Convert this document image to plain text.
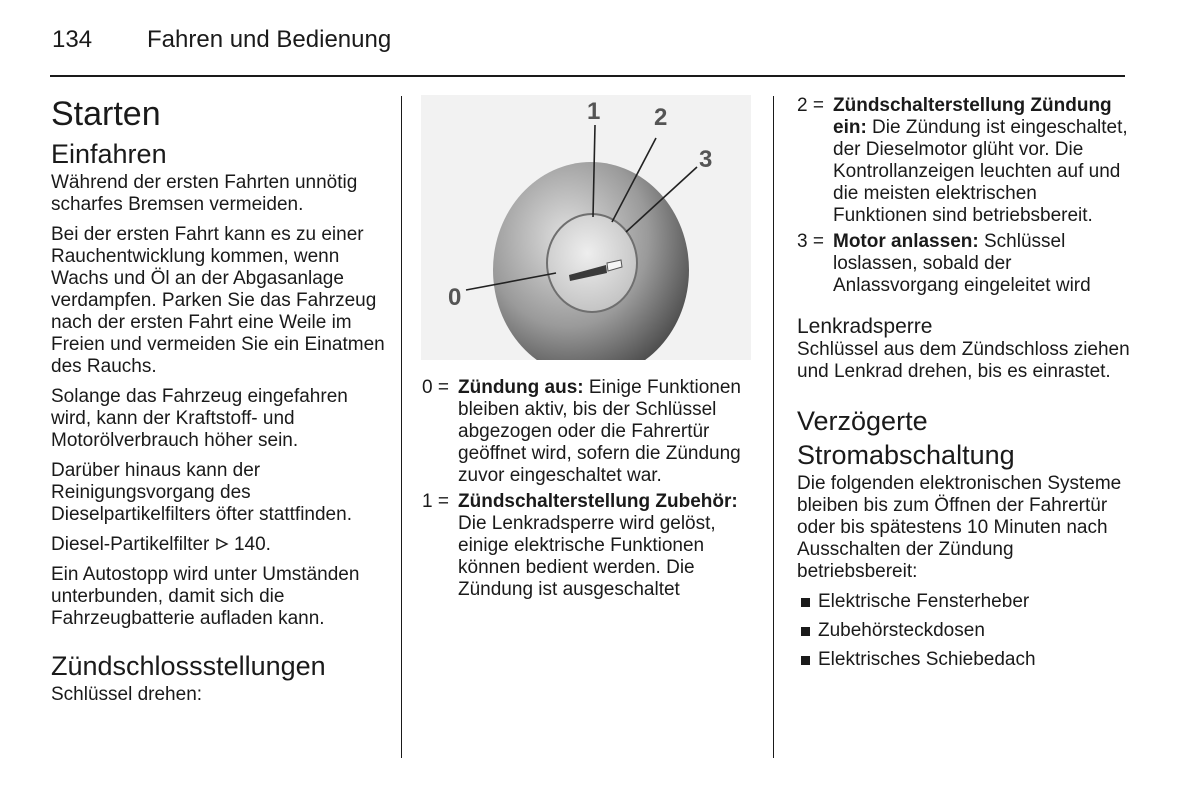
134 Fahren und Bedienung
Starten
Einfahren

Während der ersten Fahrten unnötig scharfes Bremsen vermeiden.

Bei der ersten Fahrt kann es zu einer Rauchentwicklung kommen, wenn Wachs und Öl an der Abgasanlage verdampfen. Parken Sie das Fahrzeug nach der ersten Fahrt eine Weile im Freien und vermeiden Sie ein Einatmen des Rauchs.

Solange das Fahrzeug eingefahren wird, kann der Kraftstoff- und Motorölverbrauch höher sein.

Darüber hinaus kann der Reinigungsvorgang des Dieselpartikelfilters öfter stattfinden.

Diesel-Partikelfilter 140.

Ein Autostopp wird unter Umständen unterbunden, damit sich die Fahrzeugbatterie aufladen kann.

Zündschlossstellungen

Schlüssel drehen:

0
1 2
3
0 = Zündung aus: Einige Funktionen bleiben aktiv, bis der Schlüssel abgezogen oder die Fahrertür geöffnet wird, sofern die Zündung zuvor eingeschaltet war.
1 = Zündschalterstellung Zubehör: Die Lenkradsperre wird gelöst, einige elektrische Funktionen können bedient werden. Die Zündung ist ausgeschaltet
2 = Zündschalterstellung Zündung ein: Die Zündung ist eingeschaltet, der Dieselmotor glüht vor. Die Kontrollanzeigen leuchten auf und die meisten elektrischen Funktionen sind betriebsbereit.
3 = Motor anlassen: Schlüssel loslassen, sobald der Anlassvorgang eingeleitet wird
Lenkradsperre

Schlüssel aus dem Zündschloss ziehen und Lenkrad drehen, bis es einrastet.

Verzögerte
Stromabschaltung

Die folgenden elektronischen Systeme bleiben bis zum Öffnen der Fahrertür oder bis spätestens 10 Minuten nach Ausschalten der Zündung betriebsbereit:

Elektrische Fensterheber
Zubehörsteckdosen
Elektrisches Schiebedach
